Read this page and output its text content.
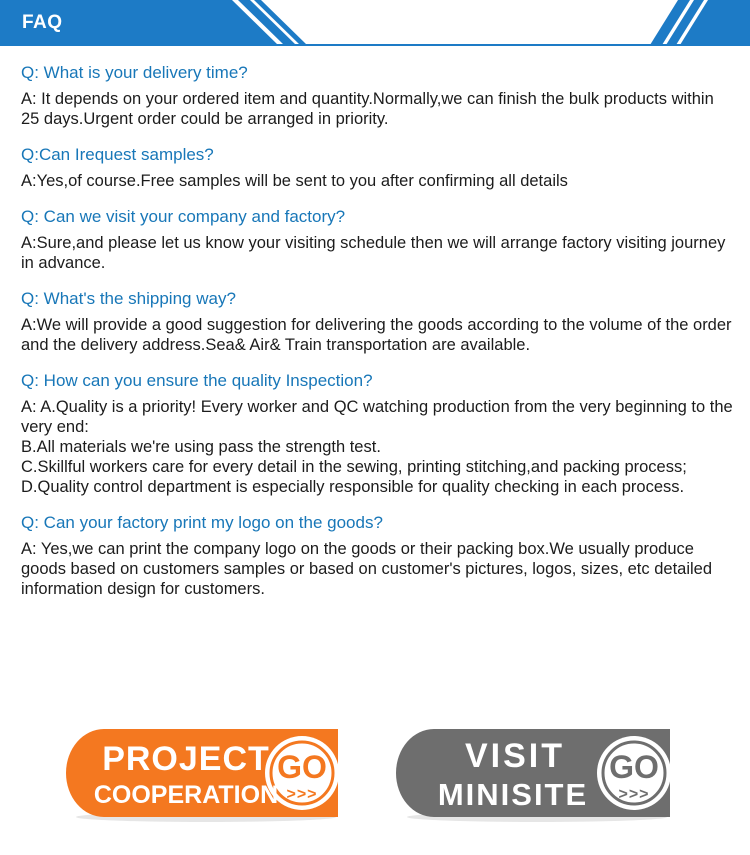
FAQ
Q: What is your delivery time?

A: It depends on your ordered item and quantity.Normally,we can finish the bulk products within 25 days.Urgent order could be arranged in priority.

Q:Can Irequest samples?

A:Yes,of course.Free samples will be sent to you after confirming all details

Q: Can we visit your company and factory?

A:Sure,and please let us know your visiting schedule then we will arrange factory visiting journey in advance.

Q: What's the shipping way?

A:We will provide a good suggestion for delivering the goods according to the volume of the order and the delivery address.Sea& Air& Train transportation are available.

Q: How can you ensure the quality Inspection?

A: A.Quality is a priority! Every worker and QC watching production from the very beginning to the very end:

B.All materials we're using pass the strength test.

C.Skillful workers care for every detail in the sewing, printing stitching,and packing process;

D.Quality control department is especially responsible for quality checking in each process.

Q: Can your factory print my logo on the goods?

A: Yes,we can print the company logo on the goods or their packing box.We usually produce goods based on customers samples or based on customer's pictures, logos, sizes, etc detailed information design for customers.

PROJECT
COOPERATION
GO
>>>
VISIT
MINISITE
GO
>>>
